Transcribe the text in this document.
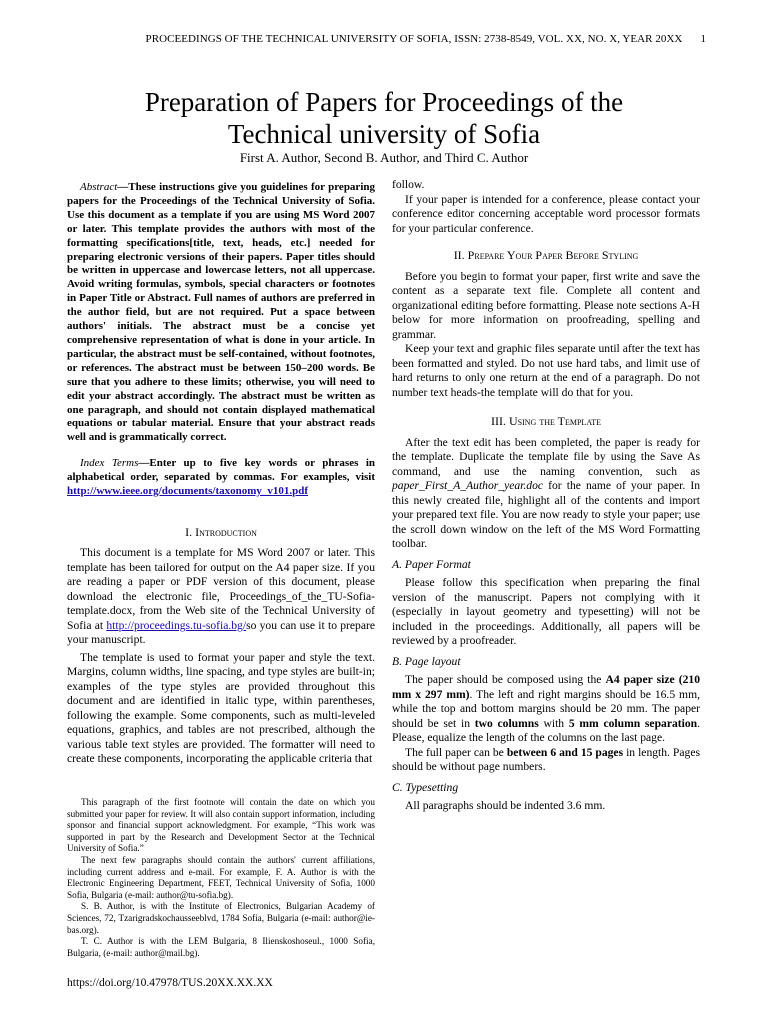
PROCEEDINGS OF THE TECHNICAL UNIVERSITY OF SOFIA, ISSN: 2738-8549, VOL. XX, NO. X, YEAR 20XX 1
Preparation of Papers for Proceedings of the
Technical university of Sofia
First A. Author, Second B. Author, and Third C. Author

Abstract—These instructions give you guidelines for preparing papers for the Proceedings of the Technical University of Sofia. Use this document as a template if you are using MS Word 2007 or later. This template provides the authors with most of the formatting specifications[title, text, heads, etc.] needed for preparing electronic versions of their papers. Paper titles should be written in uppercase and lowercase letters, not all uppercase. Avoid writing formulas, symbols, special characters or footnotes in Paper Title or Abstract. Full names of authors are preferred in the author field, but are not required. Put a space between authors' initials. The abstract must be a concise yet comprehensive representation of what is done in your article. In particular, the abstract must be self-contained, without footnotes, or references. The abstract must be between 150–200 words. Be sure that you adhere to these limits; otherwise, you will need to edit your abstract accordingly. The abstract must be written as one paragraph, and should not contain displayed mathematical equations or tabular material. Ensure that your abstract reads well and is grammatically correct.

Index Terms—Enter up to five key words or phrases in alphabetical order, separated by commas. For examples, visit http://www.ieee.org/documents/taxonomy_v101.pdf

I. Introduction

This document is a template for MS Word 2007 or later. This template has been tailored for output on the A4 paper size. If you are reading a paper or PDF version of this document, please download the electronic file, Proceedings_of_the_TU-Sofia-template.docx, from the Web site of the Technical University of Sofia at http://proceedings.tu-sofia.bg/so you can use it to prepare your manuscript.

The template is used to format your paper and style the text. Margins, column widths, line spacing, and type styles are built-in; examples of the type styles are provided throughout this document and are identified in italic type, within parentheses, following the example. Some components, such as multi-leveled equations, graphics, and tables are not prescribed, although the various table text styles are provided. The formatter will need to create these components, incorporating the applicable criteria that

This paragraph of the first footnote will contain the date on which you submitted your paper for review. It will also contain support information, including sponsor and financial support acknowledgment. For example, “This work was supported in part by the Research and Development Sector at the Technical University of Sofia.”

The next few paragraphs should contain the authors' current affiliations, including current address and e-mail. For example, F. A. Author is with the Electronic Engineering Department, FEET, Technical University of Sofia, 1000 Sofia, Bulgaria (e-mail: author@tu-sofia.bg).

S. B. Author, is with the Institute of Electronics, Bulgarian Academy of Sciences, 72, Tzarigradskochausseeblvd, 1784 Sofia, Bulgaria (e-mail: author@ie-bas.org).

T. C. Author is with the LEM Bulgaria, 8 Ilienskoshoseul., 1000 Sofia, Bulgaria, (e-mail: author@mail.bg).

https://doi.org/10.47978/TUS.20XX.XX.XX

follow.

If your paper is intended for a conference, please contact your conference editor concerning acceptable word processor formats for your particular conference.

II. Prepare Your Paper Before Styling

Before you begin to format your paper, first write and save the content as a separate text file. Complete all content and organizational editing before formatting. Please note sections A-H below for more information on proofreading, spelling and grammar.

Keep your text and graphic files separate until after the text has been formatted and styled. Do not use hard tabs, and limit use of hard returns to only one return at the end of a paragraph. Do not number text heads-the template will do that for you.

III. Using the Template

After the text edit has been completed, the paper is ready for the template. Duplicate the template file by using the Save As command, and use the naming convention, such as paper_First_A_Author_year.doc for the name of your paper. In this newly created file, highlight all of the contents and import your prepared text file. You are now ready to style your paper; use the scroll down window on the left of the MS Word Formatting toolbar.

A. Paper Format

Please follow this specification when preparing the final version of the manuscript. Papers not complying with it (especially in layout geometry and typesetting) will not be included in the proceedings. Additionally, all papers will be reviewed by a proofreader.

B. Page layout

The paper should be composed using the A4 paper size (210 mm x 297 mm). The left and right margins should be 16.5 mm, while the top and bottom margins should be 20 mm. The paper should be set in two columns with 5 mm column separation. Please, equalize the length of the columns on the last page.

The full paper can be between 6 and 15 pages in length. Pages should be without page numbers.

C. Typesetting

All paragraphs should be indented 3.6 mm.
